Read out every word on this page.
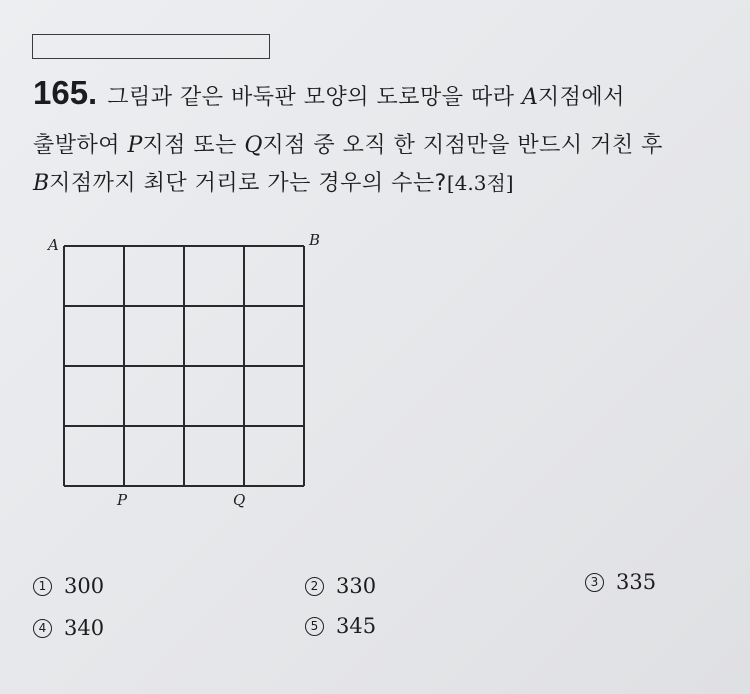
165. 그림과 같은 바둑판 모양의 도로망을 따라 A지점에서
출발하여 P지점 또는 Q지점 중 오직 한 지점만을 반드시 거친 후
B지점까지 최단 거리로 가는 경우의 수는?[4.3점]
A	B
P	Q
1 300	2 330	3 335
4 340	5 345
